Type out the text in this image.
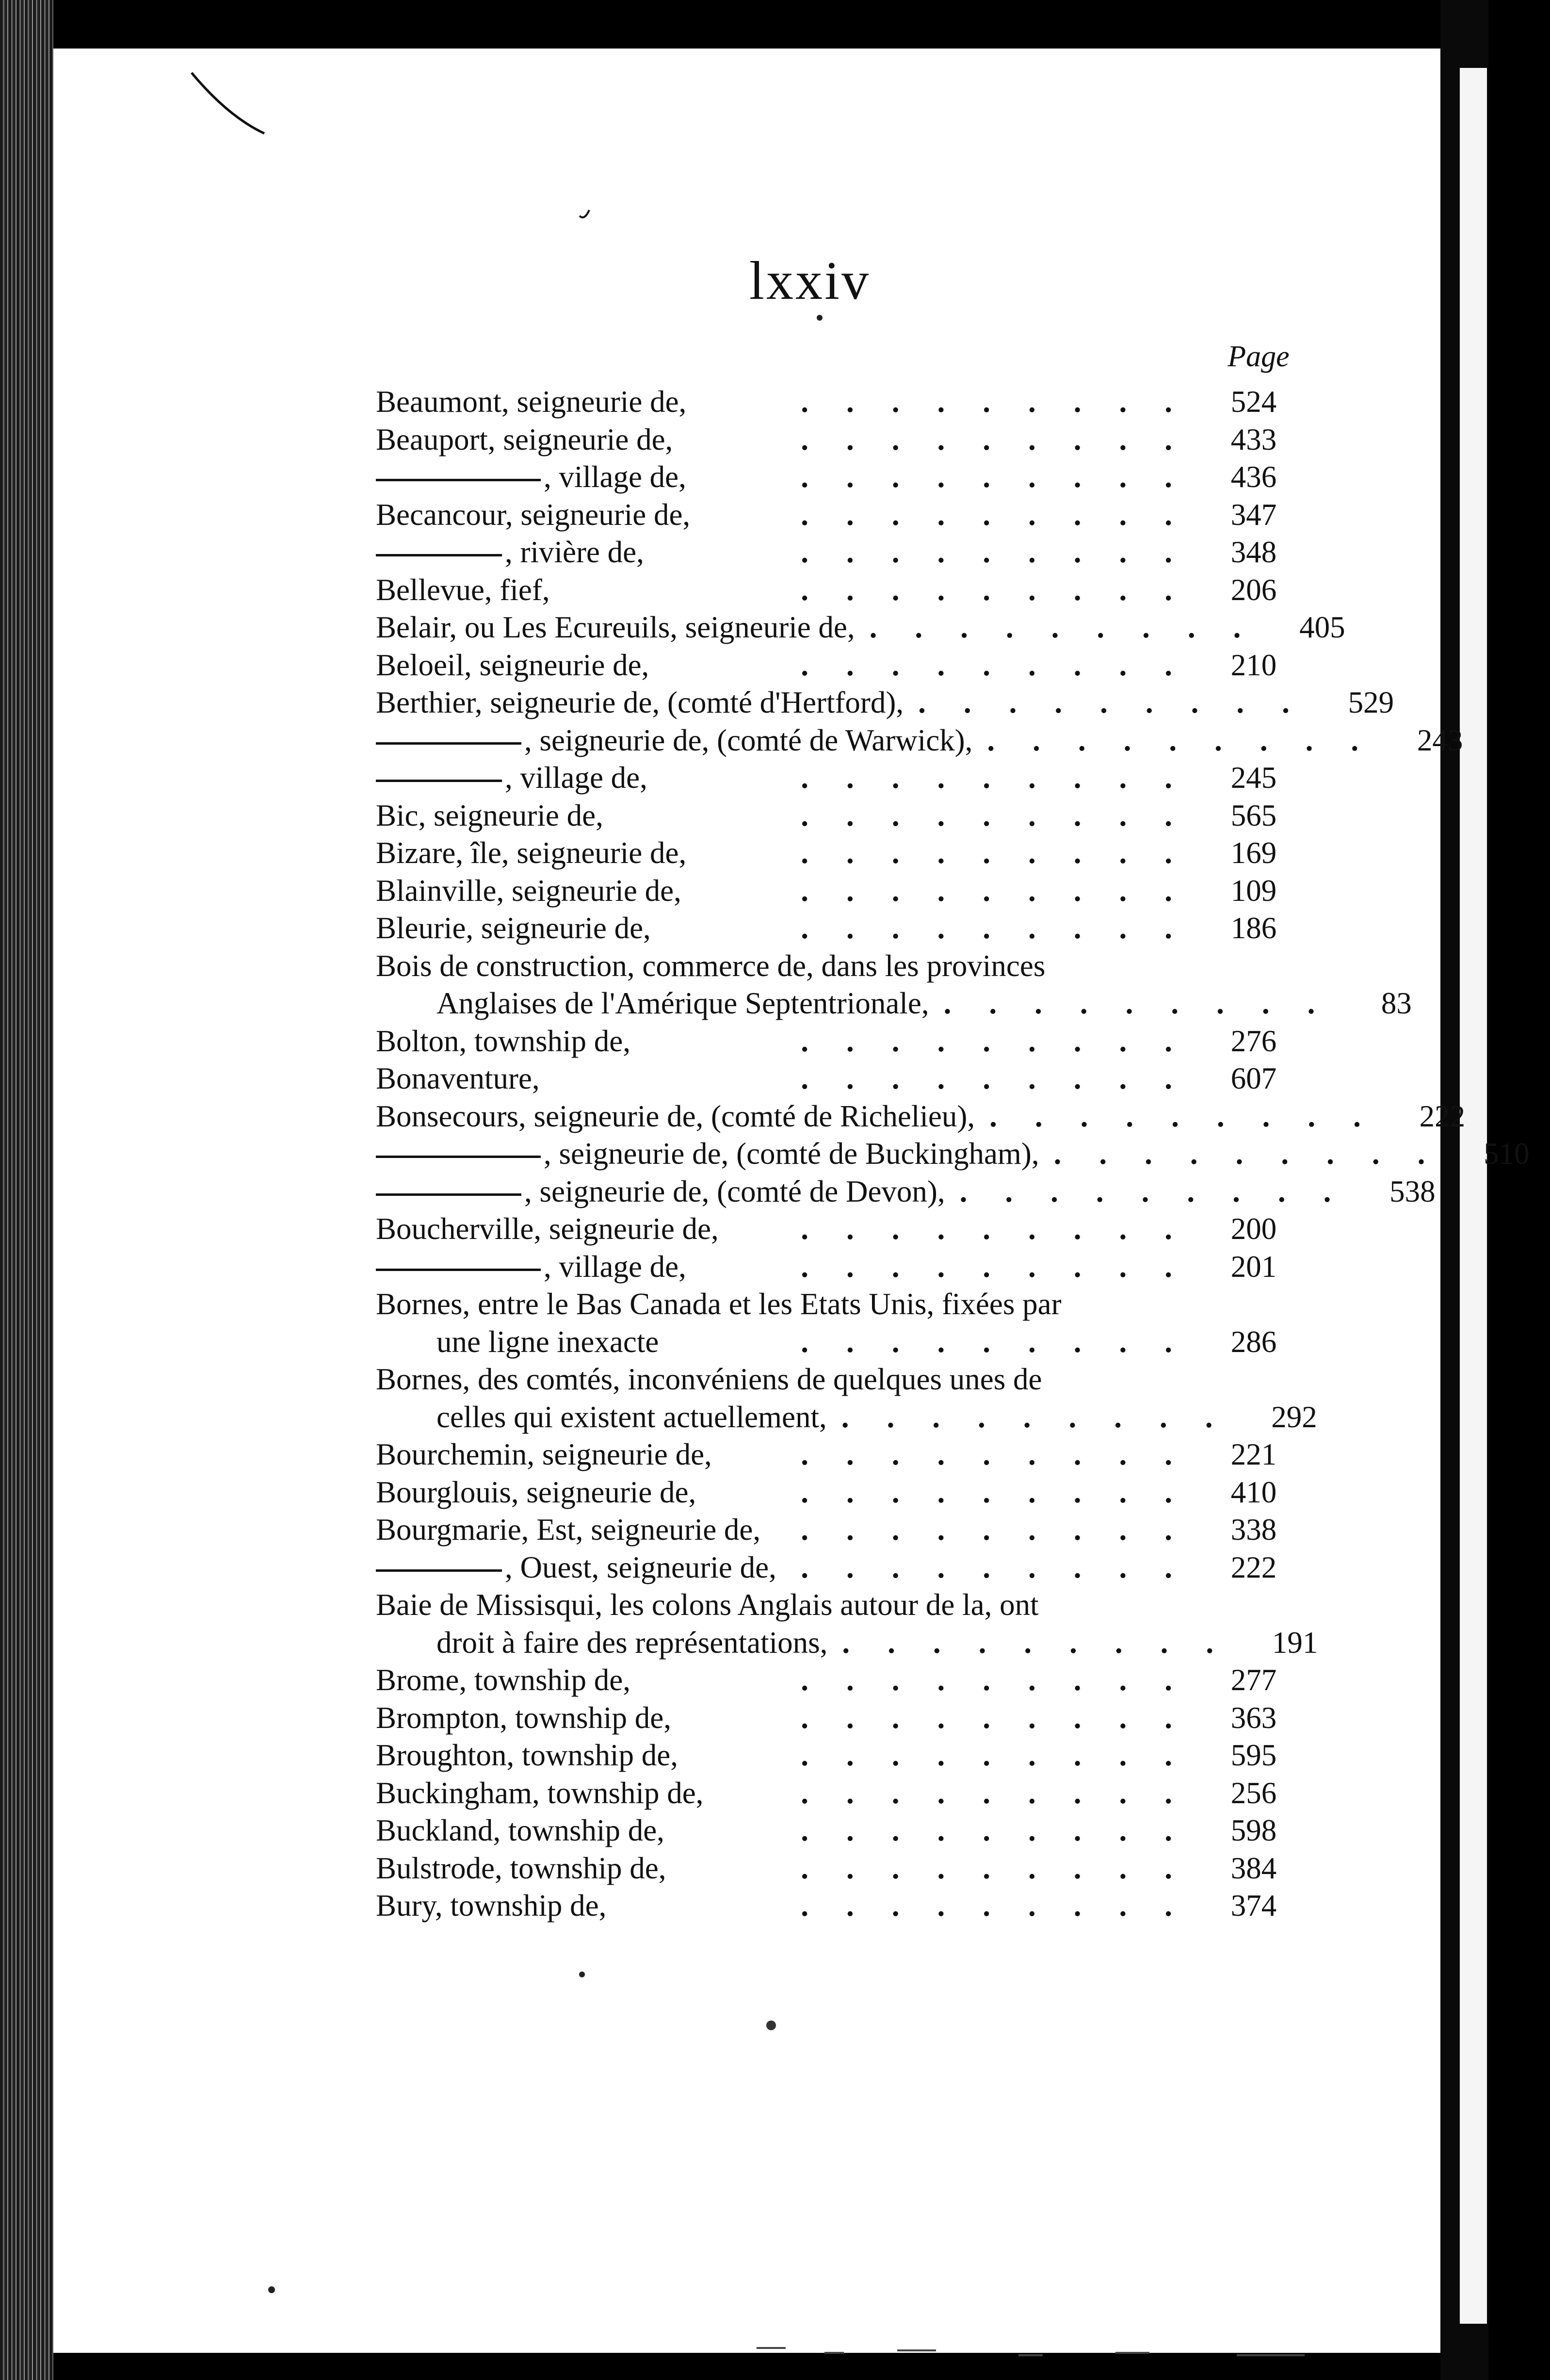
lxxiv
Page
Beaumont, seigneurie de,	......... 524
Beauport, seigneurie de,	......... 433
, village de,	......... 436
Becancour, seigneurie de,	......... 347
, rivière de,	......... 348
Bellevue, fief,	......... 206
Belair, ou Les Ecureuils, seigneurie de, ......... 405
Beloeil, seigneurie de,	......... 210
Berthier, seigneurie de, (comté d'Hertford), ......... 529
, seigneurie de, (comté de Warwick), ......... 243
, village de,	......... 245
Bic, seigneurie de,	......... 565
Bizare, île, seigneurie de,	......... 169
Blainville, seigneurie de,	......... 109
Bleurie, seigneurie de,	......... 186
Bois de construction, commerce de, dans les provinces
Anglaises de l'Amérique Septentrionale, ......... 83
Bolton, township de,	......... 276
Bonaventure,	......... 607
Bonsecours, seigneurie de, (comté de Richelieu), ......... 222
, seigneurie de, (comté de Buckingham), ......... 510
, seigneurie de, (comté de Devon), ......... 538
Boucherville, seigneurie de,	......... 200
, village de,	......... 201
Bornes, entre le Bas Canada et les Etats Unis, fixées par
une ligne inexacte	......... 286
Bornes, des comtés, inconvéniens de quelques unes de
celles qui existent actuellement, ......... 292
Bourchemin, seigneurie de,	......... 221
Bourglouis, seigneurie de,	......... 410
Bourgmarie, Est, seigneurie de,	......... 338
, Ouest, seigneurie de, ......... 222
Baie de Missisqui, les colons Anglais autour de la, ont
droit à faire des représentations, ......... 191
Brome, township de,	......... 277
Brompton, township de,	......... 363
Broughton, township de,	......... 595
Buckingham, township de,	......... 256
Buckland, township de,	......... 598
Bulstrode, township de,	......... 384
Bury, township de,	......... 374
